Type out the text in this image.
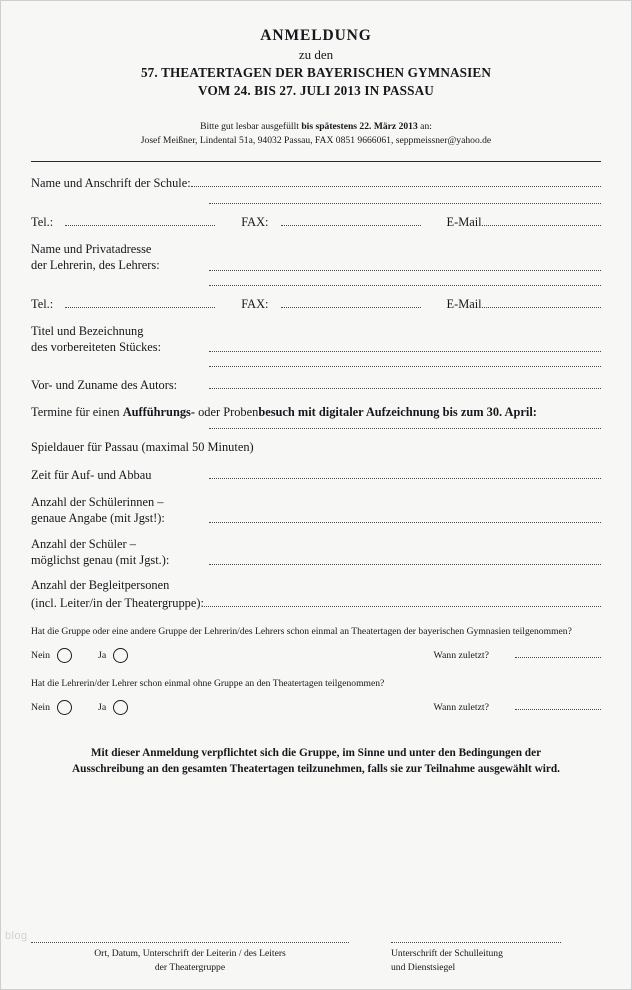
ANMELDUNG
zu den
57. THEATERTAGEN DER BAYERISCHEN GYMNASIEN
VOM 24. BIS 27. JULI 2013 IN PASSAU
Bitte gut lesbar ausgefüllt bis spätestens 22. März 2013 an:
Josef Meißner, Lindental 51a, 94032 Passau, FAX 0851 9666061, seppmeissner@yahoo.de
Name und Anschrift der Schule:
Tel.:	FAX:	E-Mail
Name und Privatadresse
der Lehrerin, des Lehrers:
Tel.:	FAX:	E-Mail
Titel und Bezeichnung
des vorbereiteten Stückes:
Vor- und Zuname des Autors:
Termine für einen Aufführungs- oder Probenbesuch mit digitaler Aufzeichnung bis zum 30. April:
Spieldauer für Passau (maximal 50 Minuten)
Zeit für Auf- und Abbau
Anzahl der Schülerinnen –
genaue Angabe (mit Jgst!):
Anzahl der Schüler –
möglichst genau (mit Jgst.):
Anzahl der Begleitpersonen
(incl. Leiter/in der Theatergruppe):
Hat die Gruppe oder eine andere Gruppe der Lehrerin/des Lehrers schon einmal an Theatertagen der bayerischen Gymnasien teilgenommen?
Nein	Ja	Wann zuletzt?
Hat die Lehrerin/der Lehrer schon einmal ohne Gruppe an den Theatertagen teilgenommen?
Nein	Ja	Wann zuletzt?
Mit dieser Anmeldung verpflichtet sich die Gruppe, im Sinne und unter den Bedingungen der
Ausschreibung an den gesamten Theatertagen teilzunehmen, falls sie zur Teilnahme ausgewählt wird.
Ort, Datum, Unterschrift der Leiterin / des Leiters
der Theatergruppe
Unterschrift der Schulleitung
und Dienstsiegel
blog
